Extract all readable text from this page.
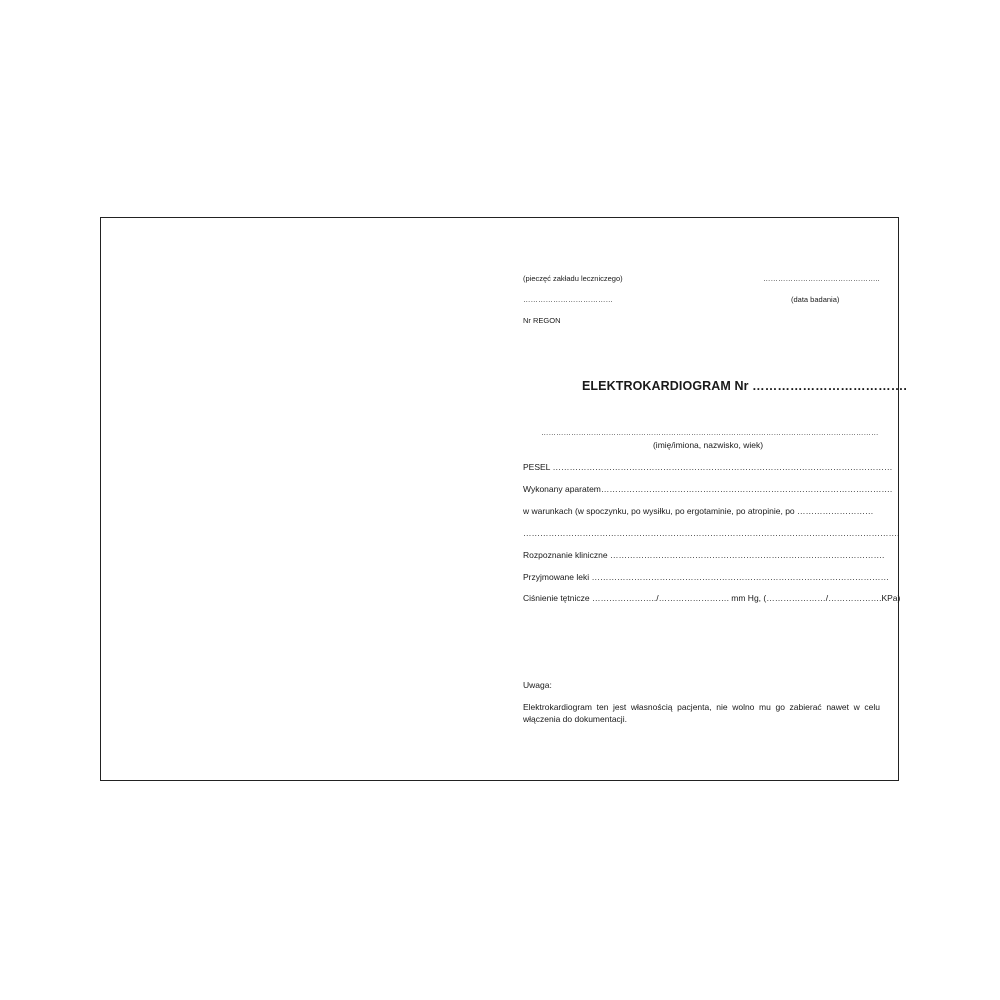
(pieczęć zakładu leczniczego)	………………………………………..
………………………………	(data badania)
Nr REGON
ELEKTROKARDIOGRAM Nr ……………………………….
………………………………………………………………………………………………………………………
(imię/imiona, nazwisko, wiek)
PESEL …………………………………………………………………………………………………………
Wykonany aparatem………………………………………………………………………………………….
w warunkach (w spoczynku, po wysiłku, po ergotaminie, po atropinie, po ………………………
…………………………………………………………………………………………………………………….
Rozpoznanie kliniczne …………………………………………………………………………………….
Przyjmowane leki ……………………………………………………………………………………………
Ciśnienie tętnicze …………………../……………………. mm Hg, (…………………/……………….KPa)
Uwaga:
Elektrokardiogram ten jest własnością pacjenta, nie wolno mu go zabierać nawet w celu włączenia do dokumentacji.
